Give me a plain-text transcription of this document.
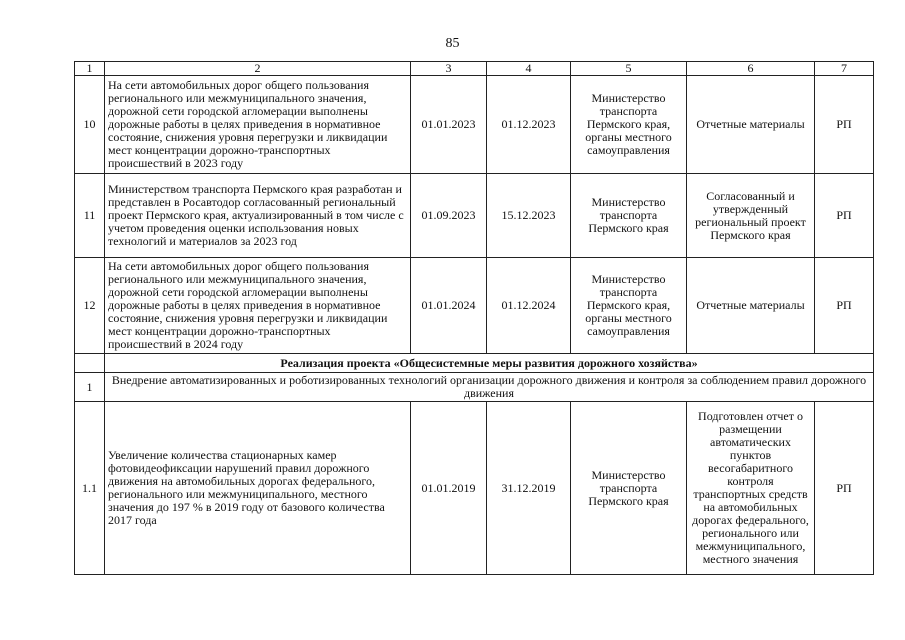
85
1	2	3	4	5	6	7
10	На сети автомобильных дорог общего пользования регионального или межмуниципального значения, дорожной сети городской агломерации выполнены дорожные работы в целях приведения в нормативное состояние, снижения уровня перегрузки и ликвидации мест концентрации дорожно-транспортных происшествий в 2023 году	01.01.2023	01.12.2023	Министерство транспорта Пермского края, органы местного самоуправления	Отчетные материалы	РП
11	Министерством транспорта Пермского края разработан и представлен в Росавтодор согласованный региональный проект Пермского края, актуализированный в том числе с учетом проведения оценки использования новых технологий и материалов за 2023 год	01.09.2023	15.12.2023	Министерство транспорта Пермского края	Согласованный и утвержденный региональный проект Пермского края	РП
12	На сети автомобильных дорог общего пользования регионального или межмуниципального значения, дорожной сети городской агломерации выполнены дорожные работы в целях приведения в нормативное состояние, снижения уровня перегрузки и ликвидации мест концентрации дорожно-транспортных происшествий в 2024 году	01.01.2024	01.12.2024	Министерство транспорта Пермского края, органы местного самоуправления	Отчетные материалы	РП
	Реализация проекта «Общесистемные меры развития дорожного хозяйства»					
1	Внедрение автоматизированных и роботизированных технологий организации дорожного движения и контроля за соблюдением правил дорожного движения					
1.1	Увеличение количества стационарных камер фотовидеофиксации нарушений правил дорожного движения на автомобильных дорогах федерального, регионального или межмуниципального, местного значения до 197 % в 2019 году от базового количества 2017 года	01.01.2019	31.12.2019	Министерство транспорта Пермского края	Подготовлен отчет о размещении автоматических пунктов весогабаритного контроля транспортных средств на автомобильных дорогах федерального, регионального или межмуниципального, местного значения	РП
